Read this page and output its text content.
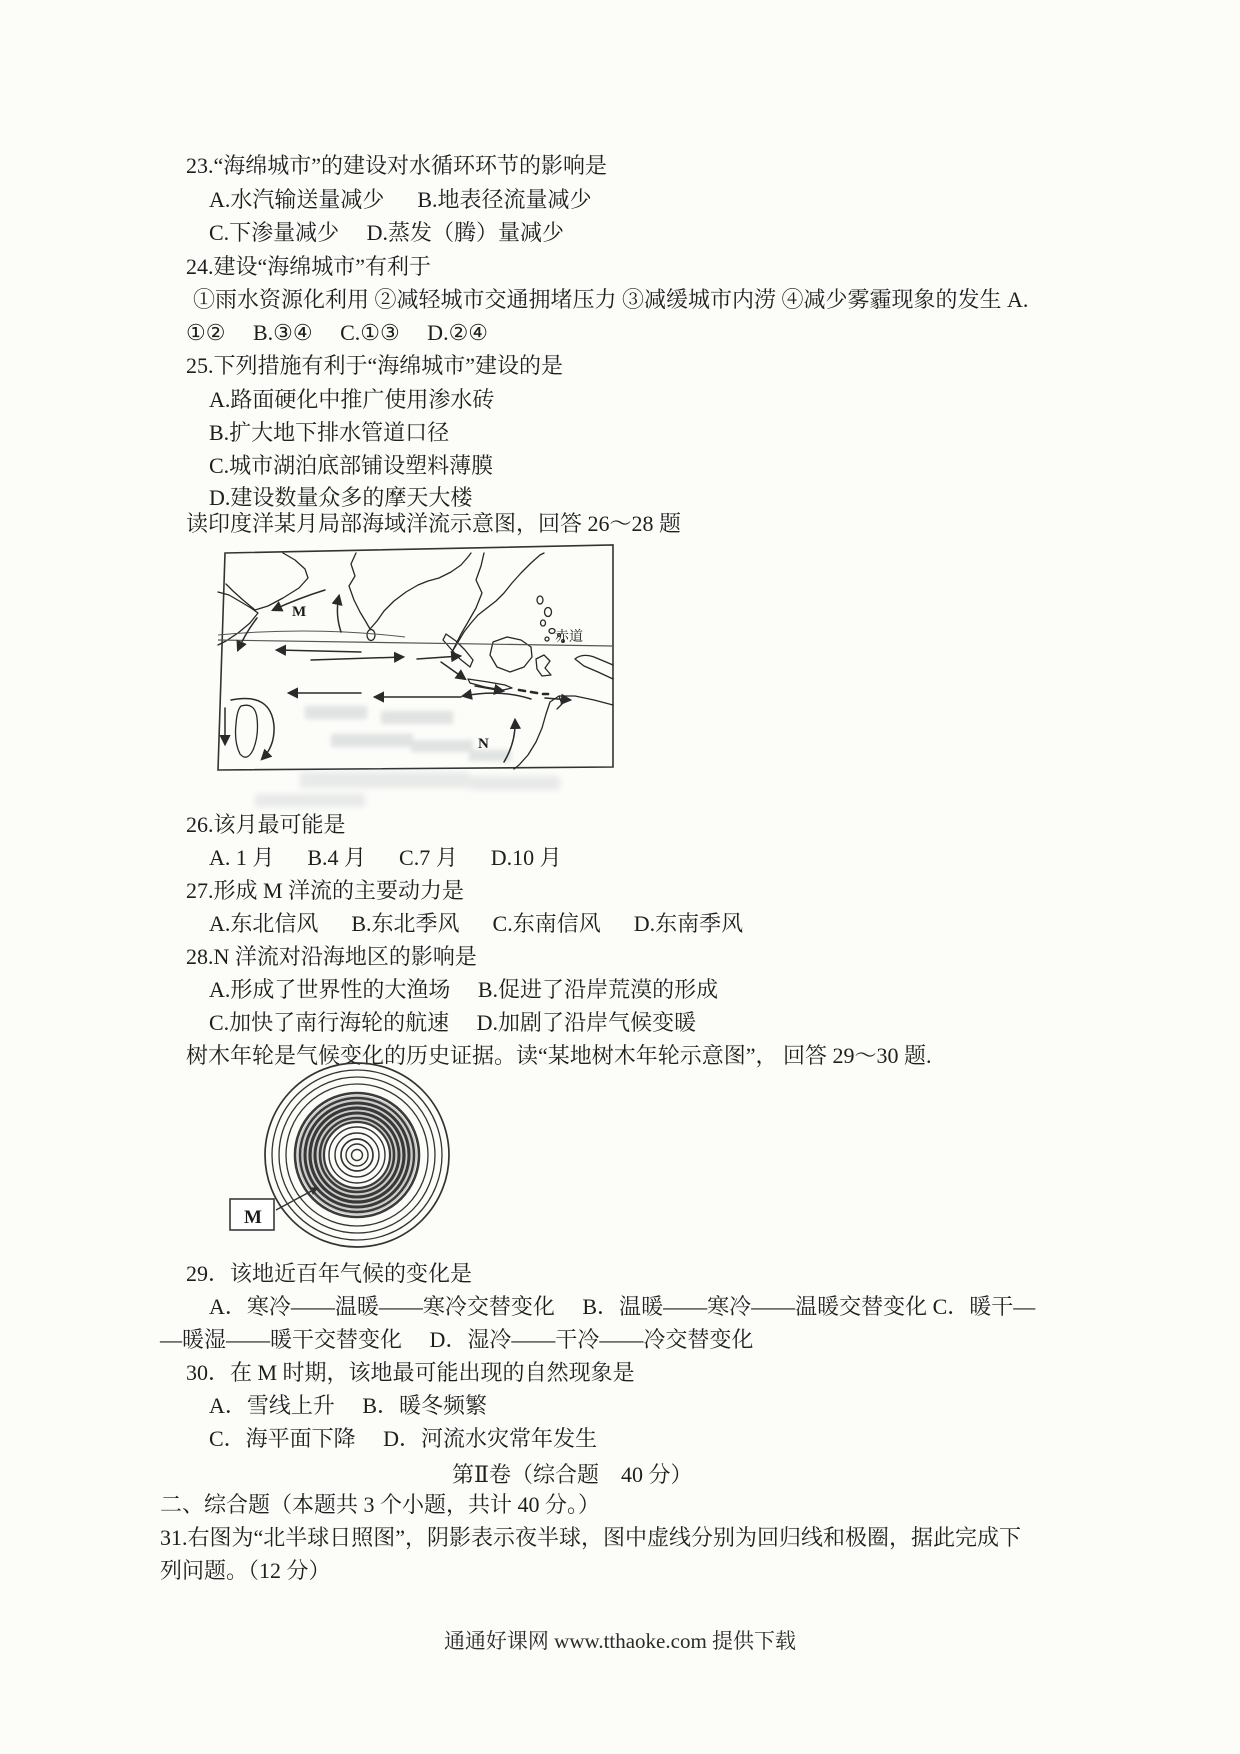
23.“海绵城市”的建设对水循环环节的影响是
A.水汽输送量减少      B.地表径流量减少
C.下渗量减少     D.蒸发（腾）量减少
24.建设“海绵城市”有利于
①雨水资源化利用 ②减轻城市交通拥堵压力 ③减缓城市内涝 ④减少雾霾现象的发生 A.
①②     B.③④     C.①③     D.②④
25.下列措施有利于“海绵城市”建设的是
A.路面硬化中推广使用渗水砖
B.扩大地下排水管道口径
C.城市湖泊底部铺设塑料薄膜
D.建设数量众多的摩天大楼
读印度洋某月局部海域洋流示意图，回答 26～28 题
赤道
M
N
26.该月最可能是
A. 1 月      B.4 月      C.7 月      D.10 月
27.形成 M 洋流的主要动力是
A.东北信风      B.东北季风      C.东南信风      D.东南季风
28.N 洋流对沿海地区的影响是
A.形成了世界性的大渔场     B.促进了沿岸荒漠的形成
C.加快了南行海轮的航速     D.加剧了沿岸气候变暖
树木年轮是气候变化的历史证据。读“某地树木年轮示意图”， 回答 29～30 题.
M
29．该地近百年气候的变化是
A．寒冷——温暖——寒冷交替变化     B．温暖——寒冷——温暖交替变化 C．暖干—
—暖湿——暖干交替变化     D．湿冷——干冷——冷交替变化
30．在 M 时期，该地最可能出现的自然现象是
A．雪线上升     B．暖冬频繁
C．海平面下降     D．河流水灾常年发生
第Ⅱ卷（综合题    40 分）
二、综合题（本题共 3 个小题，共计 40 分。）
31.右图为“北半球日照图”，阴影表示夜半球，图中虚线分别为回归线和极圈，据此完成下
列问题。（12 分）
通通好课网 www.tthaoke.com 提供下载
